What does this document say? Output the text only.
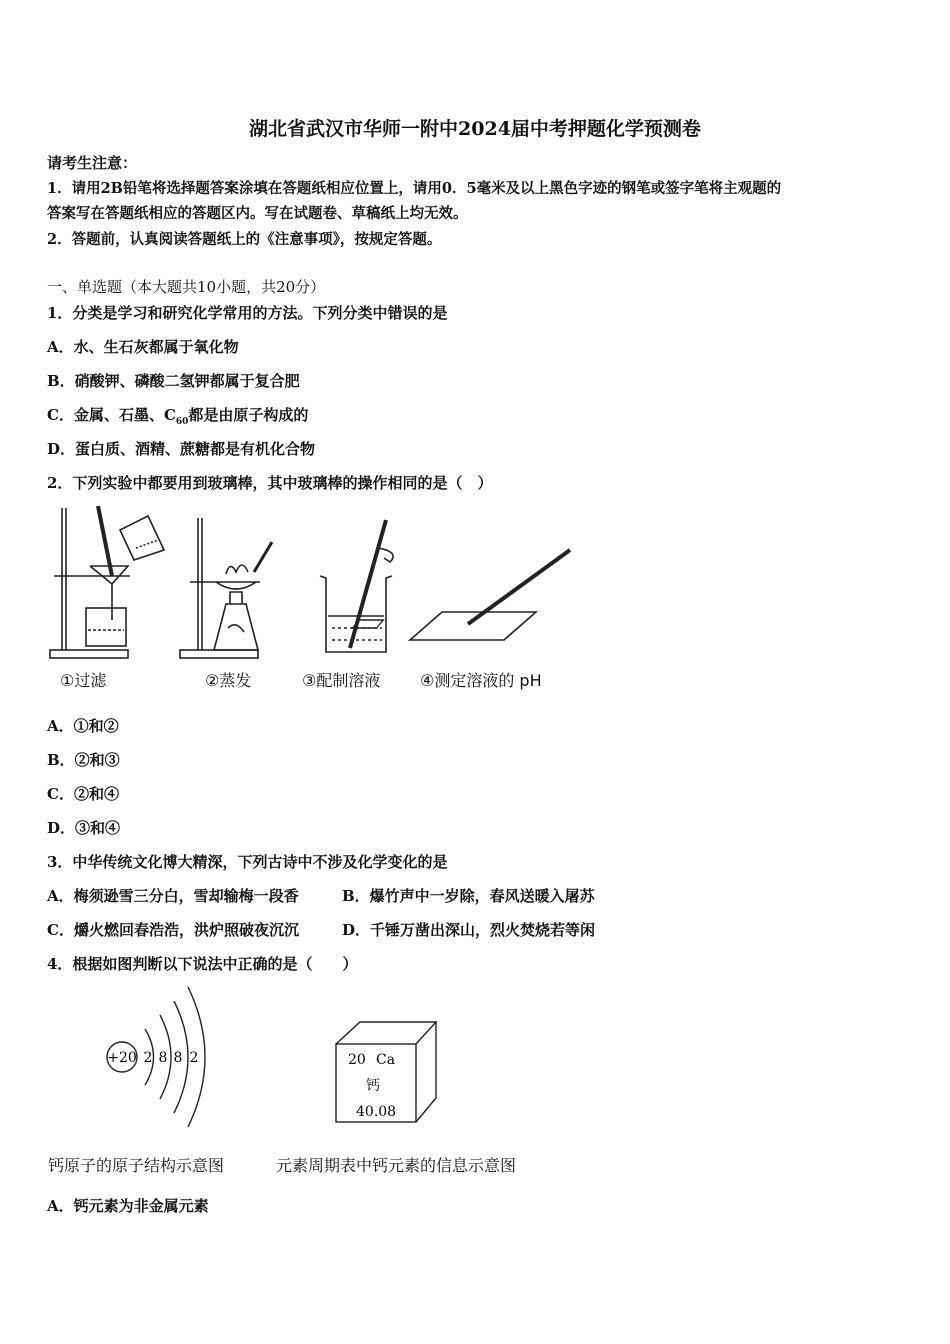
湖北省武汉市华师一附中2024届中考押题化学预测卷
请考生注意：
1．请用2B铅笔将选择题答案涂填在答题纸相应位置上，请用0．5毫米及以上黑色字迹的钢笔或签字笔将主观题的
答案写在答题纸相应的答题区内。写在试题卷、草稿纸上均无效。
2．答题前，认真阅读答题纸上的《注意事项》，按规定答题。
一、单选题（本大题共10小题，共20分）
1．分类是学习和研究化学常用的方法。下列分类中错误的是
A．水、生石灰都属于氧化物
B．硝酸钾、磷酸二氢钾都属于复合肥
C．金属、石墨、$C_{60}$都是由原子构成的
D．蛋白质、酒精、蔗糖都是有机化合物
2．下列实验中都要用到玻璃棒，其中玻璃棒的操作相同的是（　）
①过滤	②蒸发	③配制溶液 ④测定溶液的 pH
A．①和②
B．②和③
C．②和④
D．③和④
3．中华传统文化博大精深，下列古诗中不涉及化学变化的是
A．梅须逊雪三分白，雪却输梅一段香	B．爆竹声中一岁除，春风送暖入屠苏
C．爝火燃回春浩浩，洪炉照破夜沉沉	D．千锤万凿出深山，烈火焚烧若等闲
4．根据如图判断以下说法中正确的是（　　）
+20 2 8 8 2	20 Ca
钙
40.08
钙原子的原子结构示意图	元素周期表中钙元素的信息示意图
A．钙元素为非金属元素
